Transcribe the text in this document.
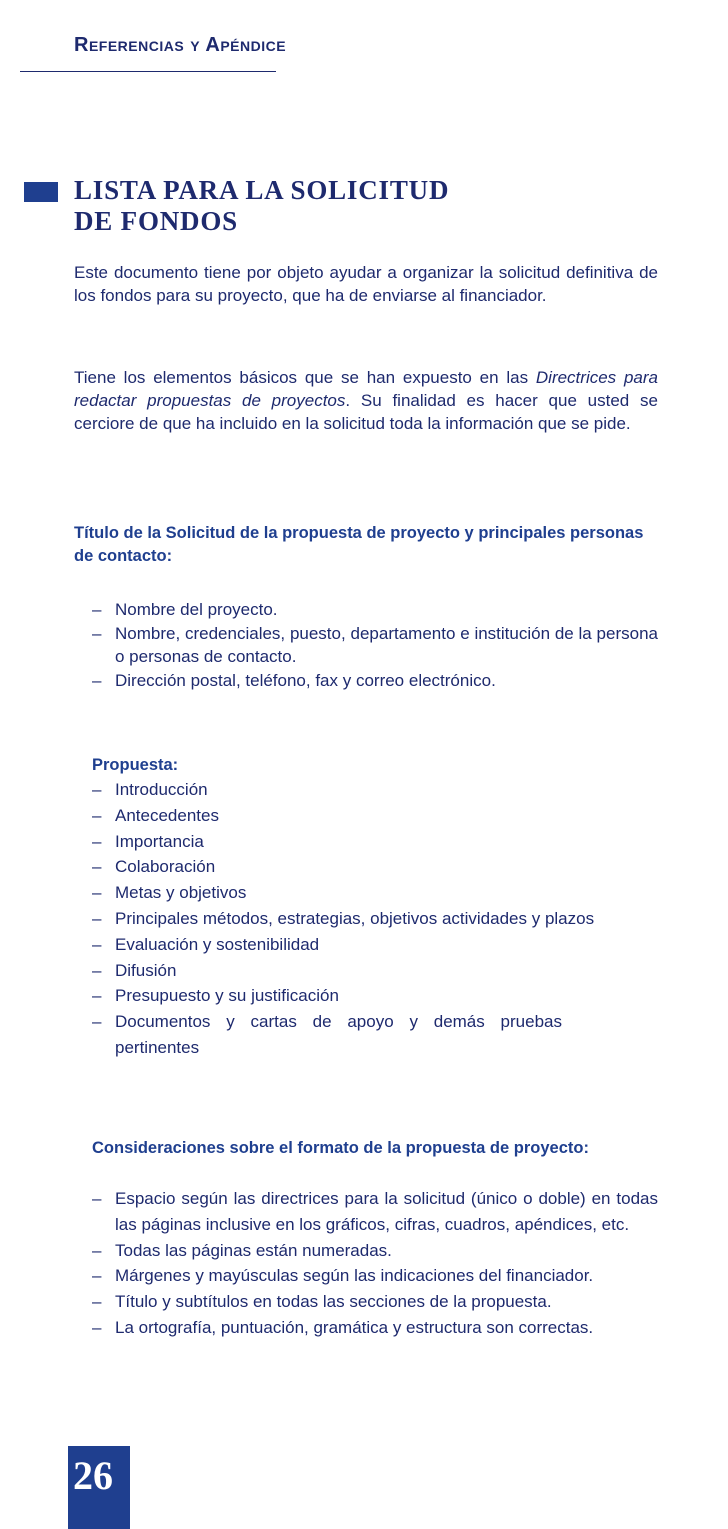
Referencias y Apéndice
LISTA PARA LA SOLICITUD
DE FONDOS

Este documento tiene por objeto ayudar a organizar la solicitud definitiva de los fondos para su proyecto, que ha de enviarse al financiador.

Tiene los elementos básicos que se han expuesto en las Directrices para redactar propuestas de proyectos. Su finalidad es hacer que usted se cerciore de que ha incluido en la solicitud toda la información que se pide.

Título de la Solicitud de la propuesta de proyecto y principales personas de contacto:

– Nombre del proyecto.
– Nombre, credenciales, puesto, departamento e institución de la persona o personas de contacto.
– Dirección postal, teléfono, fax y correo electrónico.

Propuesta:

– Introducción
– Antecedentes
– Importancia
– Colaboración
– Metas y objetivos
– Principales métodos, estrategias, objetivos actividades y plazos
– Evaluación y sostenibilidad
– Difusión
– Presupuesto y su justificación
– Documentos y cartas de apoyo y demás pruebas pertinentes

Consideraciones sobre el formato de la propuesta de proyecto:

– Espacio según las directrices para la solicitud (único o doble) en todas las páginas inclusive en los gráficos, cifras, cuadros, apéndices, etc.
– Todas las páginas están numeradas.
– Márgenes y mayúsculas según las indicaciones del financiador.
– Título y subtítulos en todas las secciones de la propuesta.
– La ortografía, puntuación, gramática y estructura son correctas.
26
